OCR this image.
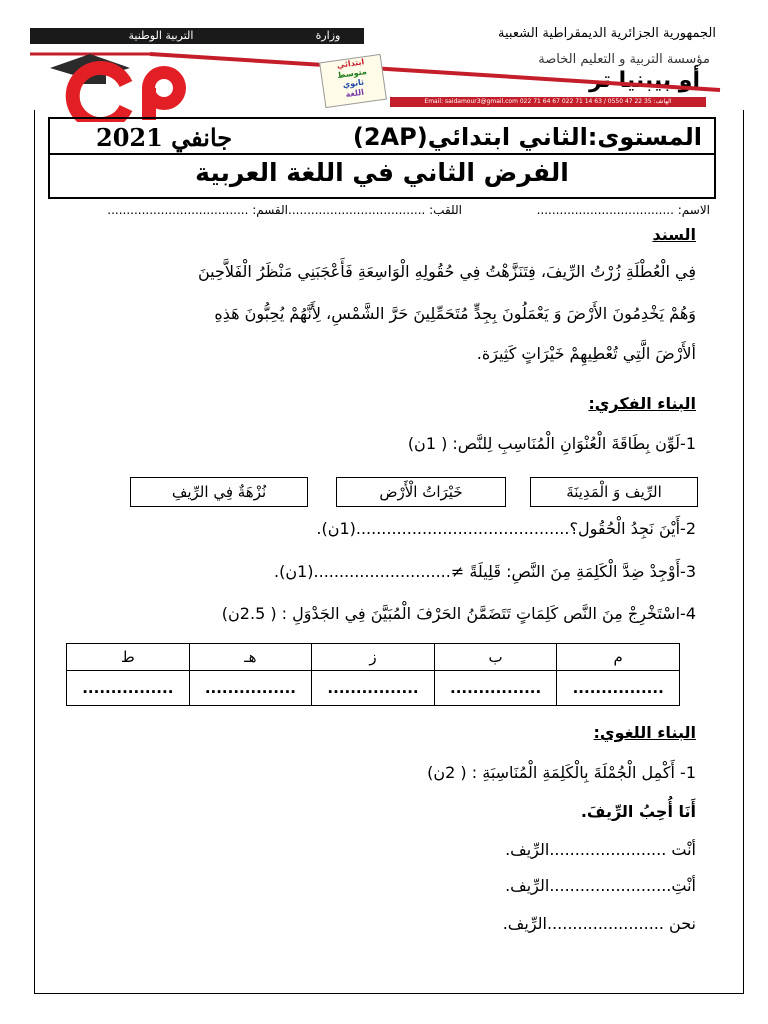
التربية الوطنية	وزارة	الجمهورية الجزائرية الديمقراطية الشعبية
مؤسسة التربية و التعليم الخاصة
أو بيبنيا تر
Email: saidamour3@gmail.com 022 71 64 67 022 71 14 63 / 0550 47 22 35 :الهاتف
ابتدائي
متوسط
ثانوي
اللغة
المستوى:الثاني ابتدائي(2AP)
جانفي 2021
الفرض الثاني في اللغة العربية
الاسم: ....................................
اللقب: ....................................
القسم: .....................................
السند
فِي الْعُطْلَةِ زُرْتُ الرِّيفَ، فِتَنَزَّهْتُ فِي حُقُولِهِ الْوَاسِعَةِ فَأَعْجَبَنِي مَنْظَرُ الْفَلاَّحِينَ
وَهُمْ يَخْدِمُونَ الأَرْضَ وَ يَعْمَلُونَ بِجِدٍّ مُتَحَمِّلِينَ حَرَّ الشَّمْسِ، لِأَنَّهُمْ يُحِبُّونَ هَذِهِ
ألأَرْضَ الَّتِي تُعْطِيهِمْ خَيْرَاتٍ كَثِيرَة.
البناء الفكري:
1-لَوِّن بِطَاقَةَ الْعُنْوَانِ الْمُنَاسِبِ لِلنَّص: ( 1ن)
الرِّيف وَ الْمَدِينَةَ
خَيْرَاتُ الْأَرْض
نُزْهَةٌ فِي الرِّيفِ
2-أَيْنَ نَجِدُ الْحُقُول؟..........................................(1ن).
3-أَوْجِدْ ضِدَّ الْكَلِمَةِ مِنَ النَّصِ: قَلِيلَةً ≠...........................(1ن).
4-اسْتَخْرِجْ مِنَ النَّص كَلِمَاتٍ تَتَضَمَّنُ الحَرْفَ الْمُبَيَّنَ فِي الجَدْوَلِ : ( 2.5ن)
م	ب	ز	هـ	ط
................	................	................	................	................
البناء اللغوي:
1- أَكْمِل الْجُمْلَةَ بِالْكَلِمَةِ الْمُنَاسِبَةِ : ( 2ن)
أَنَا أُحِبُ الرِّيفَ.
أنْت .......................الرِّيف.
أنْتِ........................الرِّيف.
نحن .......................الرِّيف.
